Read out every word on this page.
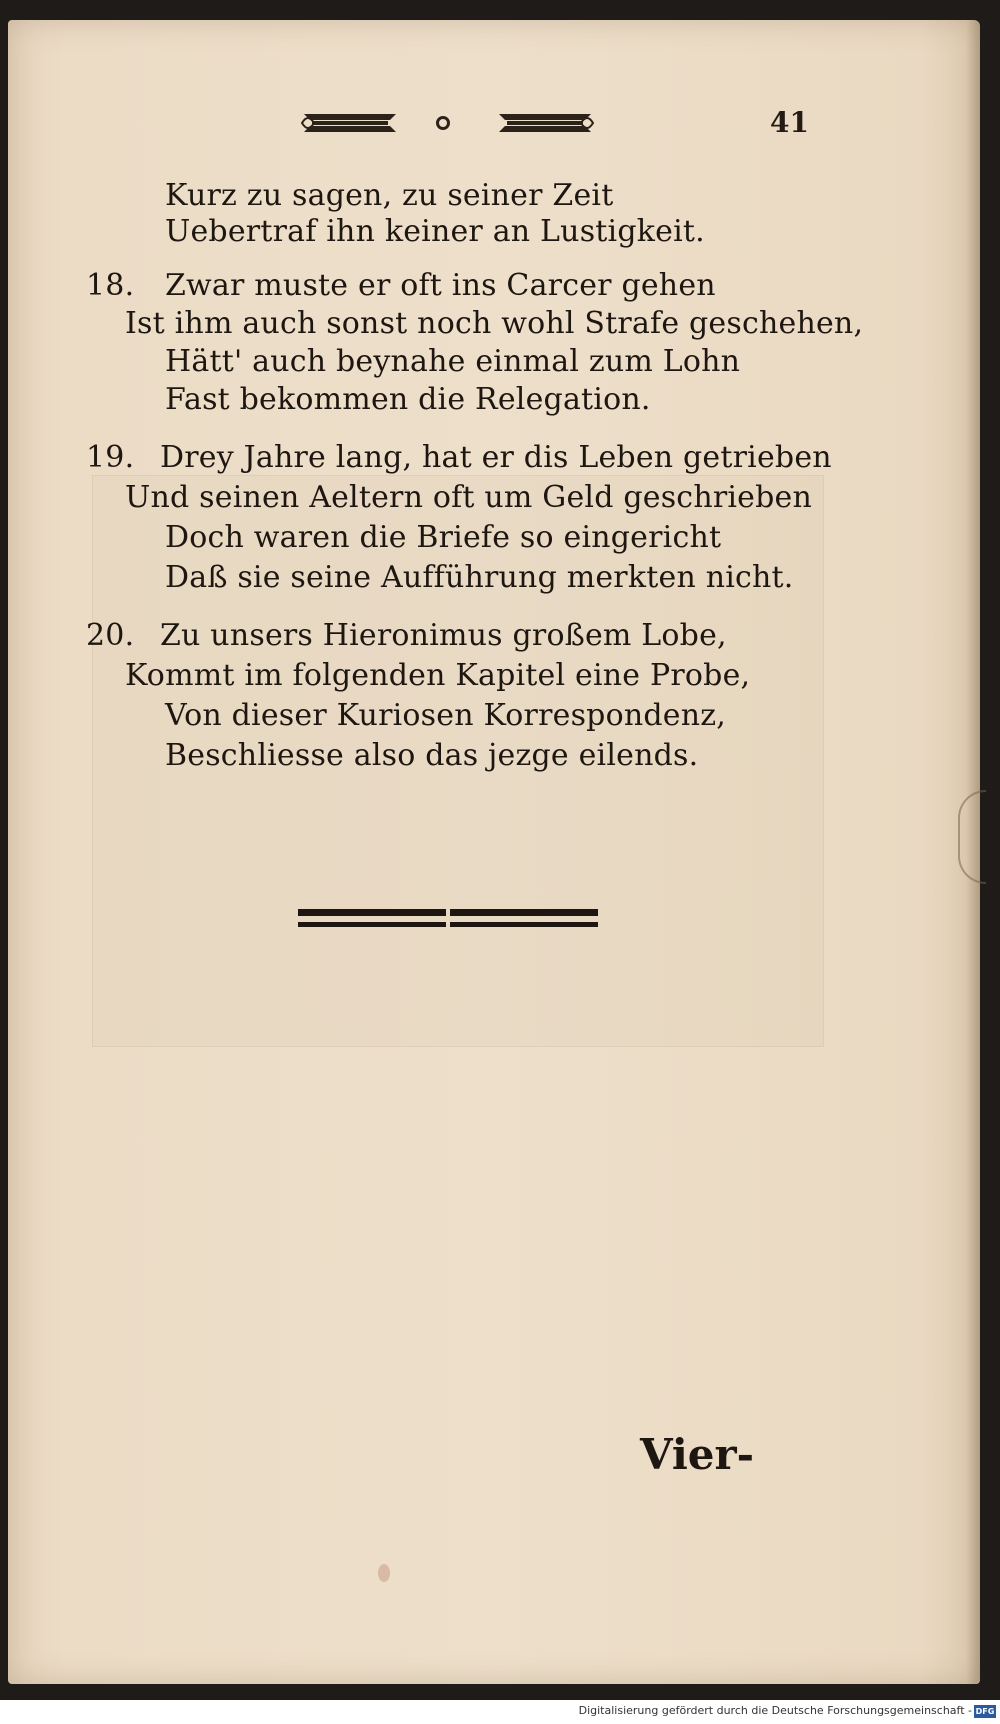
41
Kurz zu sagen, zu seiner Zeit
Uebertraf ihn keiner an Lustigkeit.
18. Zwar muste er oft ins Carcer gehen
Ist ihm auch sonst noch wohl Strafe geschehen,
Hätt' auch beynahe einmal zum Lohn
Fast bekommen die Relegation.
19. Drey Jahre lang, hat er dis Leben getrieben
Und seinen Aeltern oft um Geld geschrieben
Doch waren die Briefe so eingericht
Daß sie seine Aufführung merkten nicht.
20. Zu unsers Hieronimus großem Lobe,
Kommt im folgenden Kapitel eine Probe,
Von dieser Kuriosen Korrespondenz,
Beschliesse also das jezge eilends.
Vier-
Digitalisierung gefördert durch die Deutsche Forschungsgemeinschaft - DFG
